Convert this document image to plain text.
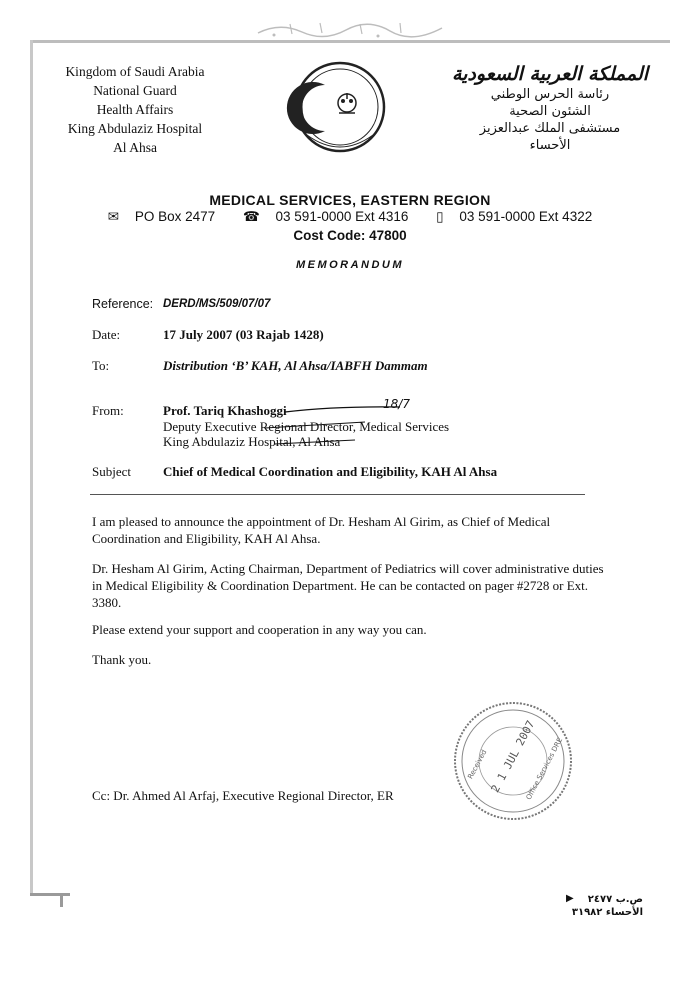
Kingdom of Saudi Arabia
National Guard
Health Affairs
King Abdulaziz Hospital
Al Ahsa
المملكة العربية السعودية
رئاسة الحرس الوطني
الشئون الصحية
مستشفى الملك عبدالعزيز
الأحساء
MEDICAL SERVICES, EASTERN REGION
✉ PO Box 2477 ☎ 03 591-0000 Ext 4316 ▯ 03 591-0000 Ext 4322
Cost Code: 47800
MEMORANDUM
Reference: DERD/MS/509/07/07
Date:	17 July 2007 (03 Rajab 1428)
To:	Distribution ‘B’ KAH, Al Ahsa/IABFH Dammam
From:	Prof. Tariq Khashoggi
Deputy Executive Regional Director, Medical Services
King Abdulaziz Hospital, Al Ahsa
18/7
Subject Chief of Medical Coordination and Eligibility, KAH Al Ahsa
I am pleased to announce the appointment of Dr. Hesham Al Girim, as Chief of Medical Coordination and Eligibility, KAH Al Ahsa.
Dr. Hesham Al Girim, Acting Chairman, Department of Pediatrics will cover administrative duties in Medical Eligibility & Coordination Department. He can be contacted on pager #2728 or Ext. 3380.
Please extend your support and cooperation in any way you can.
Thank you.
2 1 JUL 2007
Office Services DRE
Received
Cc: Dr. Ahmed Al Arfaj, Executive Regional Director, ER
ص.ب ٢٤٧٧
الأحساء ٣١٩٨٢
▶
